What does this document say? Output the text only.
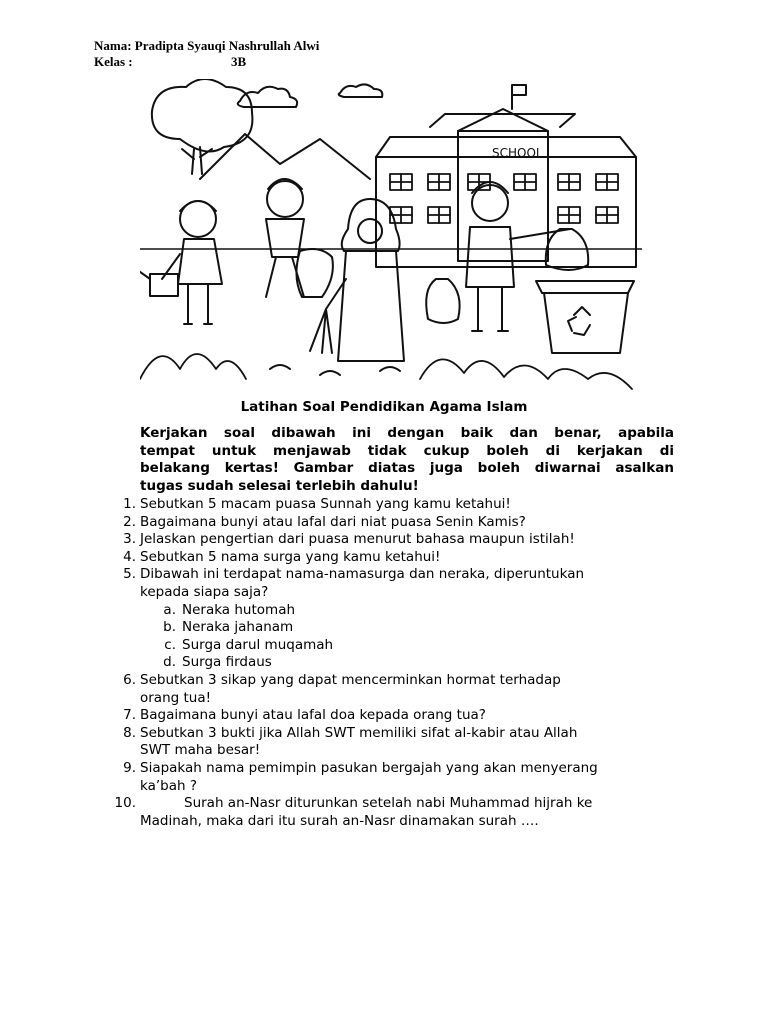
Nama: Pradipta Syauqi Nashrullah Alwi
Kelas :	3B
SCHOOL
Latihan Soal Pendidikan Agama Islam
Kerjakan soal dibawah ini dengan baik dan benar, apabila
tempat untuk menjawab tidak cukup boleh di kerjakan di
belakang kertas! Gambar diatas juga boleh diwarnai asalkan
tugas sudah selesai terlebih dahulu!
1. Sebutkan 5 macam puasa Sunnah yang kamu ketahui!
2. Bagaimana bunyi atau lafal dari niat puasa Senin Kamis?
3. Jelaskan pengertian dari puasa menurut bahasa maupun istilah!
4. Sebutkan 5 nama surga yang kamu ketahui!
5. Dibawah ini terdapat nama-namasurga dan neraka, diperuntukan
kepada siapa saja?
a. Neraka hutomah
b. Neraka jahanam
c. Surga darul muqamah
d. Surga firdaus
6. Sebutkan 3 sikap yang dapat mencerminkan hormat terhadap
orang tua!
7. Bagaimana bunyi atau lafal doa kepada orang tua?
8. Sebutkan 3 bukti jika Allah SWT memiliki sifat al-kabir atau Allah
SWT maha besar!
9. Siapakah nama pemimpin pasukan bergajah yang akan menyerang
ka’bah ?
10.	Surah an-Nasr diturunkan setelah nabi Muhammad hijrah ke
Madinah, maka dari itu surah an-Nasr dinamakan surah ….
